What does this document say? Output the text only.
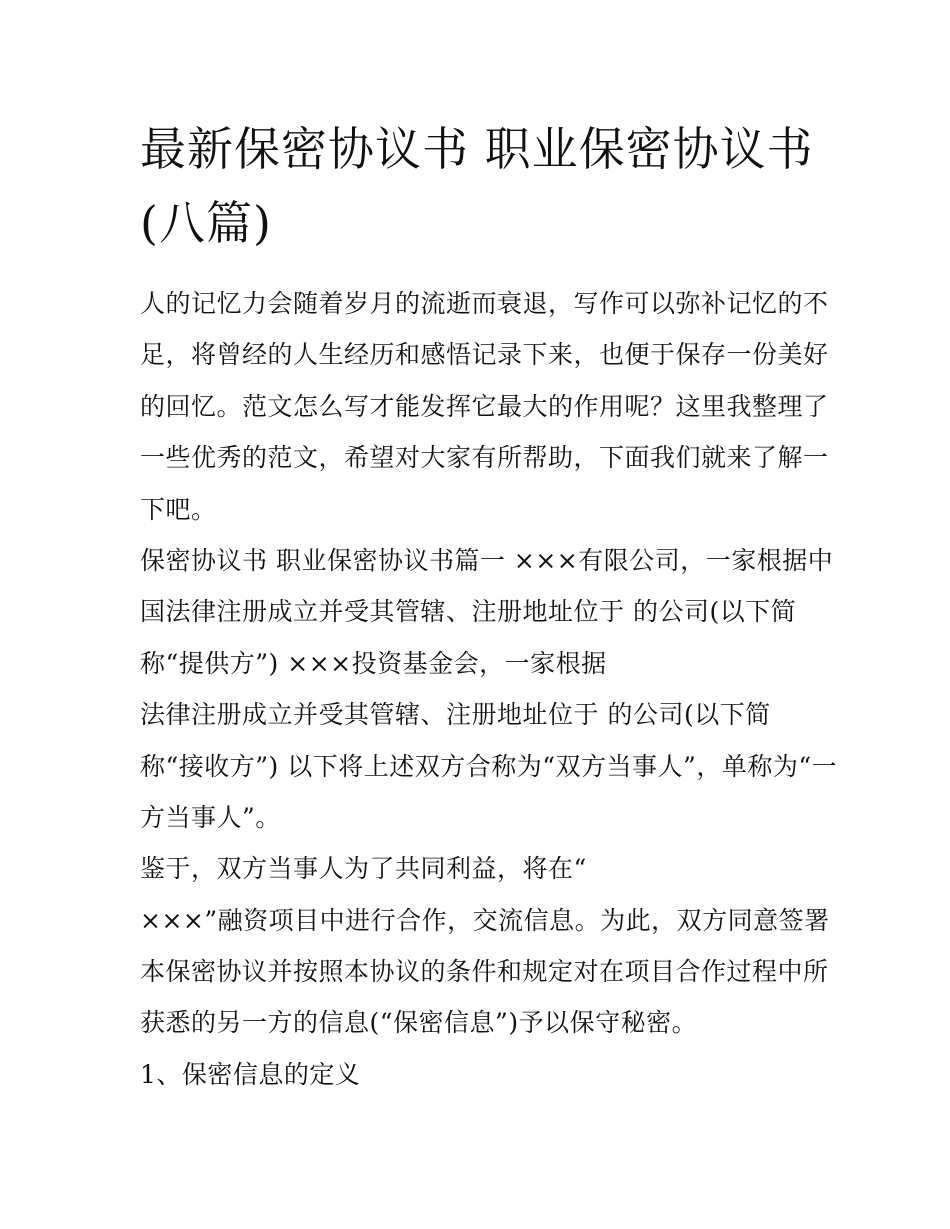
最新保密协议书 职业保密协议书(八篇)
人的记忆力会随着岁月的流逝而衰退，写作可以弥补记忆的不
足，将曾经的人生经历和感悟记录下来，也便于保存一份美好
的回忆。范文怎么写才能发挥它最大的作用呢？这里我整理了
一些优秀的范文，希望对大家有所帮助，下面我们就来了解一
下吧。
保密协议书 职业保密协议书篇一 ×××有限公司，一家根据中
国法律注册成立并受其管辖、注册地址位于 的公司(以下简
称“提供方”) ×××投资基金会，一家根据
法律注册成立并受其管辖、注册地址位于 的公司(以下简
称“接收方”) 以下将上述双方合称为“双方当事人”，单称为“一
方当事人”。
鉴于，双方当事人为了共同利益，将在“
×××”融资项目中进行合作，交流信息。为此，双方同意签署
本保密协议并按照本协议的条件和规定对在项目合作过程中所
获悉的另一方的信息(“保密信息”)予以保守秘密。
1、保密信息的定义
